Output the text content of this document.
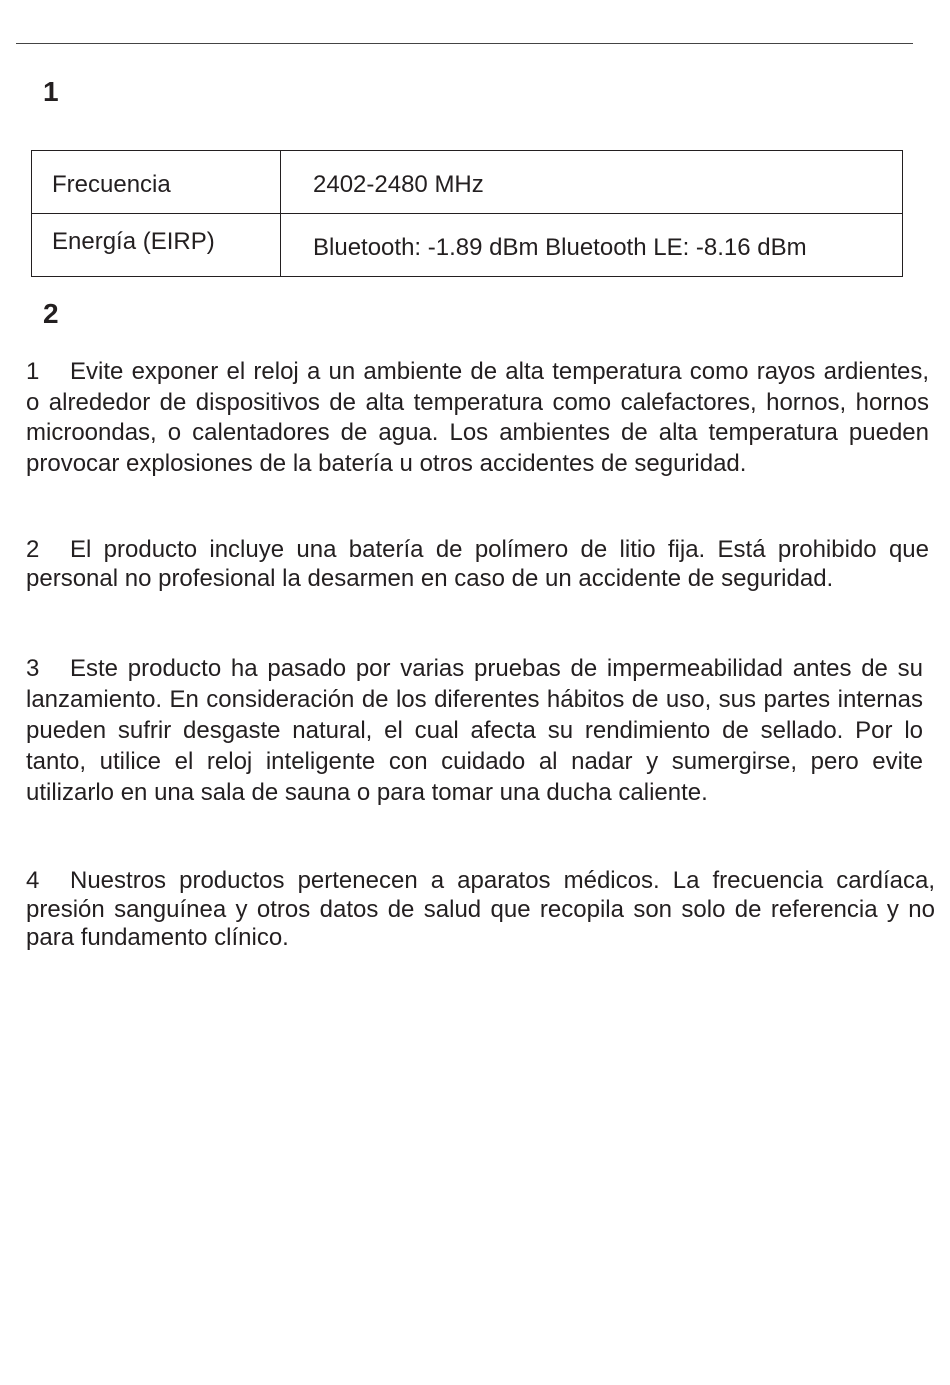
1
Frecuencia	2402-2480 MHz
Energía (EIRP)	Bluetooth: -1.89 dBm Bluetooth LE: -8.16 dBm
2

1 Evite exponer el reloj a un ambiente de alta temperatura como rayos ardientes, o alrededor de dispositivos de alta temperatura como calefactores, hornos, hornos microondas, o calentadores de agua. Los ambientes de alta temperatura pueden provocar explosiones de la batería u otros accidentes de seguridad.

2 El producto incluye una batería de polímero de litio fija. Está prohibido que personal no profesional la desarmen en caso de un accidente de seguridad.

3 Este producto ha pasado por varias pruebas de impermeabilidad antes de su lanzamiento. En consideración de los diferentes hábitos de uso, sus partes internas pueden sufrir desgaste natural, el cual afecta su rendimiento de sellado. Por lo tanto, utilice el reloj inteligente con cuidado al nadar y sumergirse, pero evite utilizarlo en una sala de sauna o para tomar una ducha caliente.

4 Nuestros productos pertenecen a aparatos médicos. La frecuencia cardíaca, presión sanguínea y otros datos de salud que recopila son solo de referencia y no para fundamento clínico.
